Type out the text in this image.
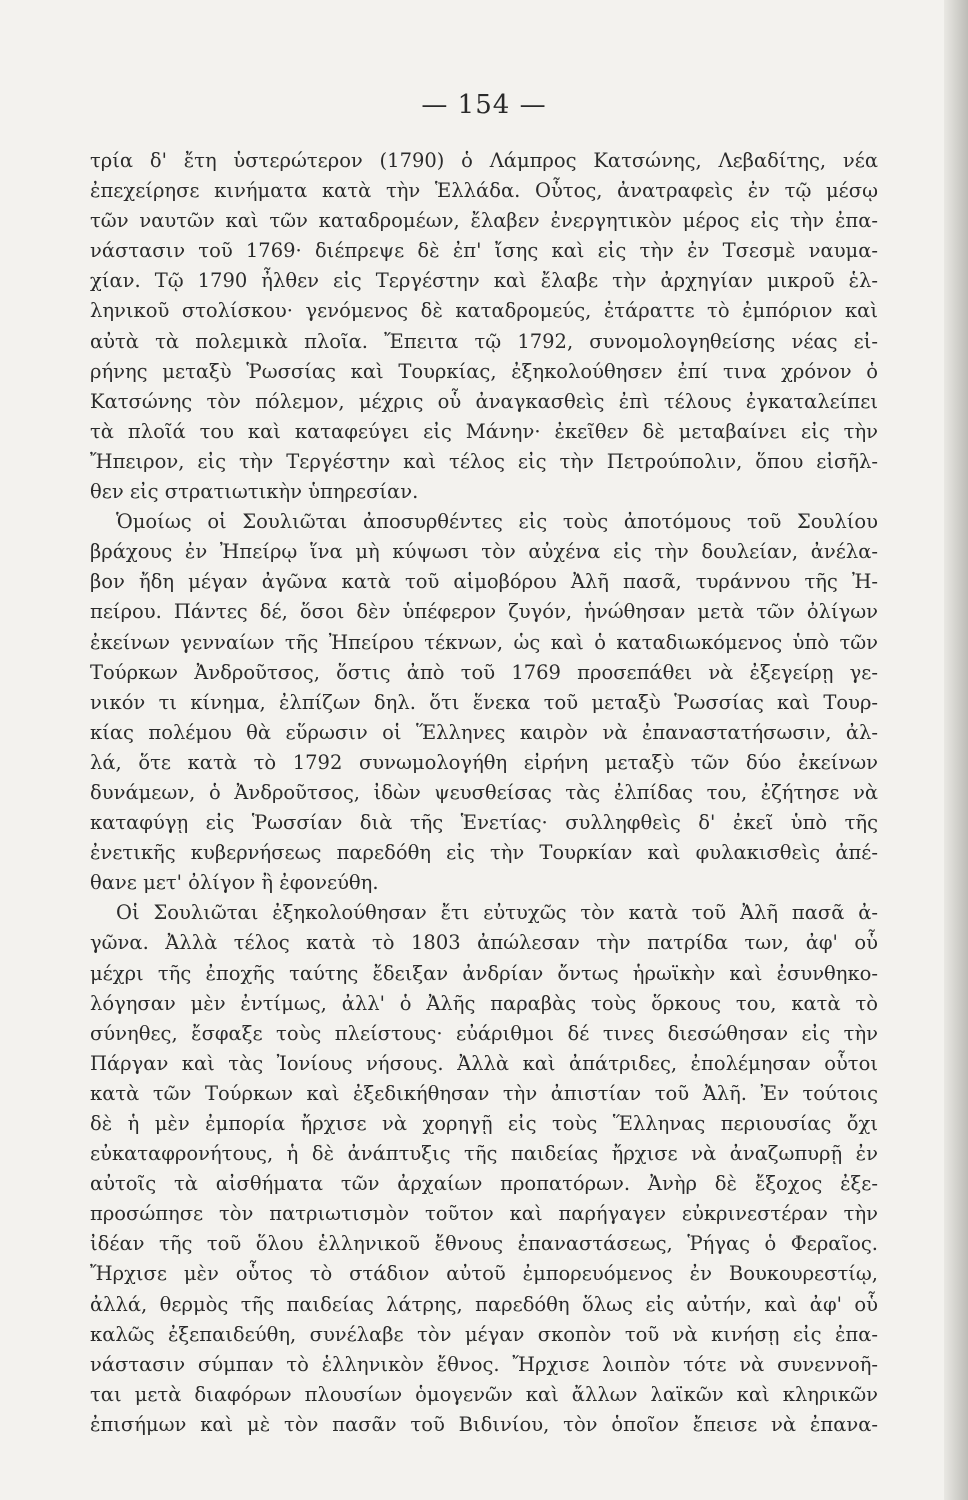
— 154 —
τρία δ' ἔτη ὑστερώτερον (1790) ὁ Λάμπρος Κατσώνης, Λεβαδίτης, νέα
ἐπεχείρησε κινήματα κατὰ τὴν Ἑλλάδα. Οὗτος, ἀνατραφεὶς ἐν τῷ μέσῳ
τῶν ναυτῶν καὶ τῶν καταδρομέων, ἔλαβεν ἐνεργητικὸν μέρος εἰς τὴν ἐπα-
νάστασιν τοῦ 1769· διέπρεψε δὲ ἐπ' ἴσης καὶ εἰς τὴν ἐν Τσεσμὲ ναυμα-
χίαν. Τῷ 1790 ἦλθεν εἰς Τεργέστην καὶ ἔλαβε τὴν ἀρχηγίαν μικροῦ ἑλ-
ληνικοῦ στολίσκου· γενόμενος δὲ καταδρομεύς, ἐτάραττε τὸ ἐμπόριον καὶ
αὐτὰ τὰ πολεμικὰ πλοῖα. Ἔπειτα τῷ 1792, συνομολογηθείσης νέας εἰ-
ρήνης μεταξὺ Ῥωσσίας καὶ Τουρκίας, ἐξηκολούθησεν ἐπί τινα χρόνον ὁ
Κατσώνης τὸν πόλεμον, μέχρις οὗ ἀναγκασθεὶς ἐπὶ τέλους ἐγκαταλείπει
τὰ πλοῖά του καὶ καταφεύγει εἰς Μάνην· ἐκεῖθεν δὲ μεταβαίνει εἰς τὴν
Ἤπειρον, εἰς τὴν Τεργέστην καὶ τέλος εἰς τὴν Πετρούπολιν, ὅπου εἰσῆλ-
θεν εἰς στρατιωτικὴν ὑπηρεσίαν.
Ὁμοίως οἱ Σουλιῶται ἀποσυρθέντες εἰς τοὺς ἀποτόμους τοῦ Σουλίου
βράχους ἐν Ἠπείρῳ ἵνα μὴ κύψωσι τὸν αὐχένα εἰς τὴν δουλείαν, ἀνέλα-
βον ἤδη μέγαν ἀγῶνα κατὰ τοῦ αἱμοβόρου Ἀλῆ πασᾶ, τυράννου τῆς Ἠ-
πείρου. Πάντες δέ, ὅσοι δὲν ὑπέφερον ζυγόν, ἡνώθησαν μετὰ τῶν ὀλίγων
ἐκείνων γενναίων τῆς Ἠπείρου τέκνων, ὡς καὶ ὁ καταδιωκόμενος ὑπὸ τῶν
Τούρκων Ἀνδροῦτσος, ὅστις ἀπὸ τοῦ 1769 προσεπάθει νὰ ἐξεγείρῃ γε-
νικόν τι κίνημα, ἐλπίζων δηλ. ὅτι ἕνεκα τοῦ μεταξὺ Ῥωσσίας καὶ Τουρ-
κίας πολέμου θὰ εὕρωσιν οἱ Ἕλληνες καιρὸν νὰ ἐπαναστατήσωσιν, ἀλ-
λά, ὅτε κατὰ τὸ 1792 συνωμολογήθη εἰρήνη μεταξὺ τῶν δύο ἐκείνων
δυνάμεων, ὁ Ἀνδροῦτσος, ἰδὼν ψευσθείσας τὰς ἐλπίδας του, ἐζήτησε νὰ
καταφύγῃ εἰς Ῥωσσίαν διὰ τῆς Ἑνετίας· συλληφθεὶς δ' ἐκεῖ ὑπὸ τῆς
ἐνετικῆς κυβερνήσεως παρεδόθη εἰς τὴν Τουρκίαν καὶ φυλακισθεὶς ἀπέ-
θανε μετ' ὀλίγον ἢ ἐφονεύθη.
Οἱ Σουλιῶται ἐξηκολούθησαν ἔτι εὐτυχῶς τὸν κατὰ τοῦ Ἀλῆ πασᾶ ἀ-
γῶνα. Ἀλλὰ τέλος κατὰ τὸ 1803 ἀπώλεσαν τὴν πατρίδα των, ἀφ' οὗ
μέχρι τῆς ἐποχῆς ταύτης ἔδειξαν ἀνδρίαν ὄντως ἡρωϊκὴν καὶ ἐσυνθηκο-
λόγησαν μὲν ἐντίμως, ἀλλ' ὁ Ἀλῆς παραβὰς τοὺς ὅρκους του, κατὰ τὸ
σύνηθες, ἔσφαξε τοὺς πλείστους· εὐάριθμοι δέ τινες διεσώθησαν εἰς τὴν
Πάργαν καὶ τὰς Ἰονίους νήσους. Ἀλλὰ καὶ ἀπάτριδες, ἐπολέμησαν οὗτοι
κατὰ τῶν Τούρκων καὶ ἐξεδικήθησαν τὴν ἀπιστίαν τοῦ Ἀλῆ. Ἐν τούτοις
δὲ ἡ μὲν ἐμπορία ἤρχισε νὰ χορηγῇ εἰς τοὺς Ἕλληνας περιουσίας ὄχι
εὐκαταφρονήτους, ἡ δὲ ἀνάπτυξις τῆς παιδείας ἤρχισε νὰ ἀναζωπυρῇ ἐν
αὐτοῖς τὰ αἰσθήματα τῶν ἀρχαίων προπατόρων. Ἀνὴρ δὲ ἔξοχος ἐξε-
προσώπησε τὸν πατριωτισμὸν τοῦτον καὶ παρήγαγεν εὐκρινεστέραν τὴν
ἰδέαν τῆς τοῦ ὅλου ἑλληνικοῦ ἔθνους ἐπαναστάσεως, Ῥήγας ὁ Φεραῖος.
Ἤρχισε μὲν οὗτος τὸ στάδιον αὐτοῦ ἐμπορευόμενος ἐν Βουκουρεστίῳ,
ἀλλά, θερμὸς τῆς παιδείας λάτρης, παρεδόθη ὅλως εἰς αὐτήν, καὶ ἀφ' οὗ
καλῶς ἐξεπαιδεύθη, συνέλαβε τὸν μέγαν σκοπὸν τοῦ νὰ κινήσῃ εἰς ἐπα-
νάστασιν σύμπαν τὸ ἑλληνικὸν ἔθνος. Ἤρχισε λοιπὸν τότε νὰ συνεννοῆ-
ται μετὰ διαφόρων πλουσίων ὁμογενῶν καὶ ἄλλων λαϊκῶν καὶ κληρικῶν
ἐπισήμων καὶ μὲ τὸν πασᾶν τοῦ Βιδινίου, τὸν ὁποῖον ἔπεισε νὰ ἐπανα-
